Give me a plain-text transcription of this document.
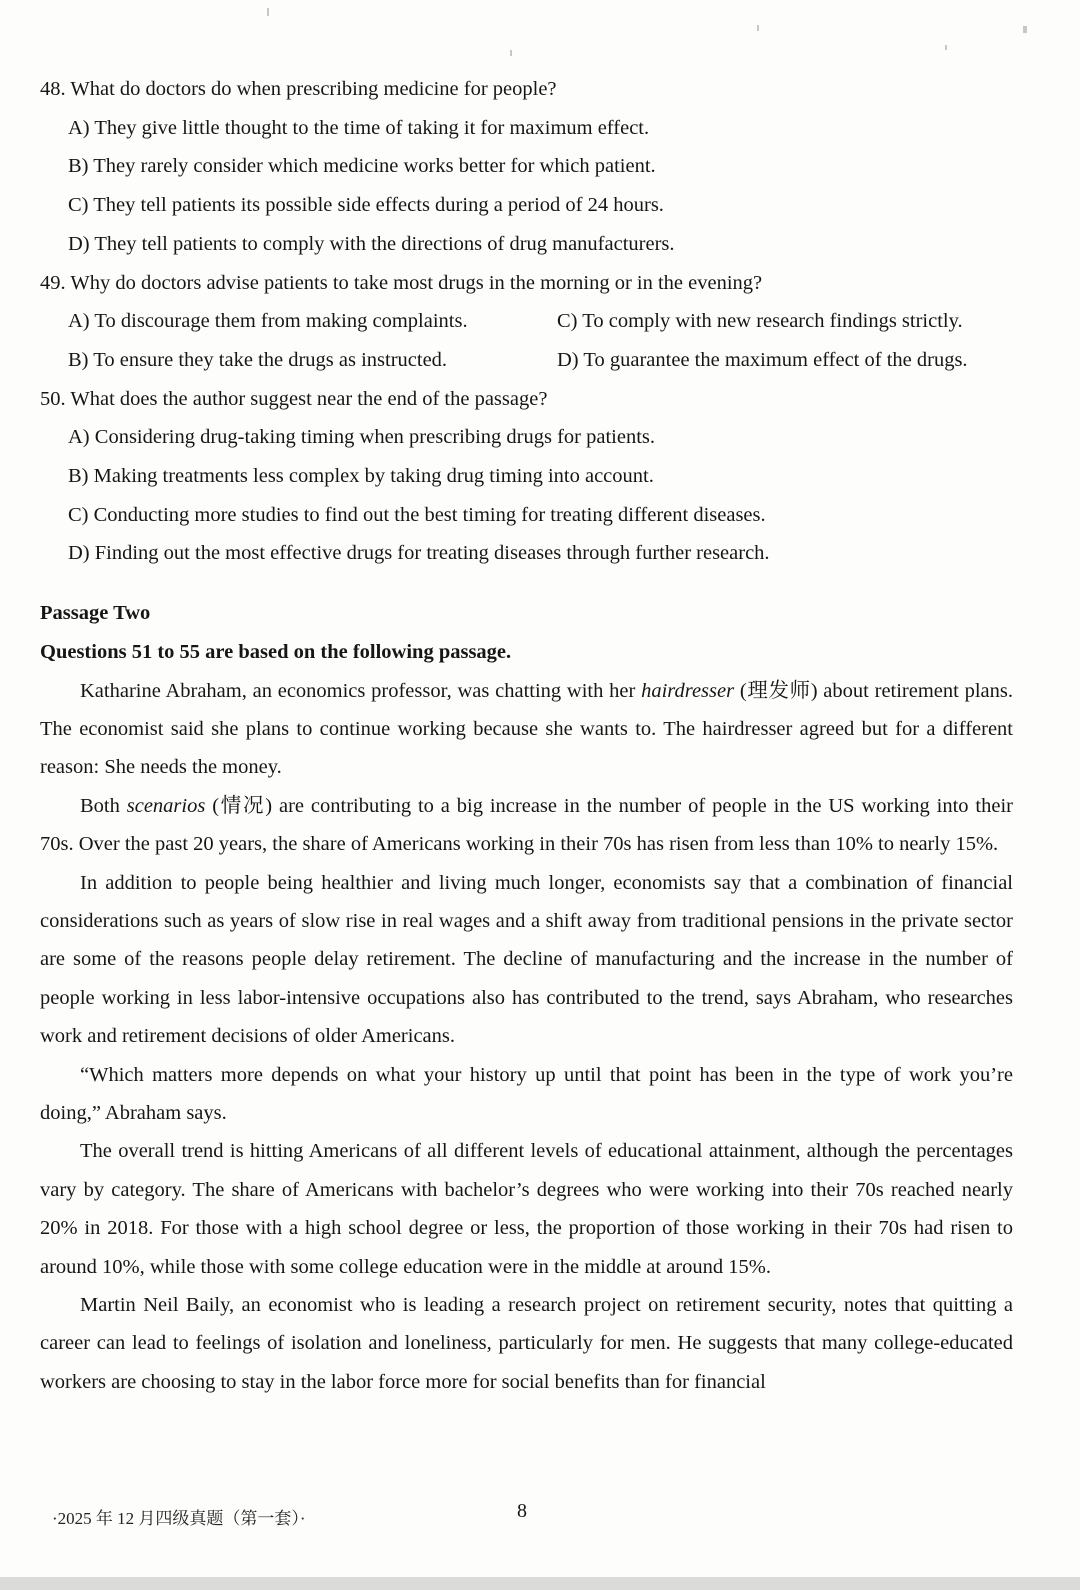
48. What do doctors do when prescribing medicine for people?
A) They give little thought to the time of taking it for maximum effect.
B) They rarely consider which medicine works better for which patient.
C) They tell patients its possible side effects during a period of 24 hours.
D) They tell patients to comply with the directions of drug manufacturers.
49. Why do doctors advise patients to take most drugs in the morning or in the evening?
A) To discourage them from making complaints.	C) To comply with new research findings strictly.
B) To ensure they take the drugs as instructed.	D) To guarantee the maximum effect of the drugs.
50. What does the author suggest near the end of the passage?
A) Considering drug-taking timing when prescribing drugs for patients.
B) Making treatments less complex by taking drug timing into account.
C) Conducting more studies to find out the best timing for treating different diseases.
D) Finding out the most effective drugs for treating diseases through further research.
Passage Two
Questions 51 to 55 are based on the following passage.

Katharine Abraham, an economics professor, was chatting with her hairdresser (理发师) about retirement plans. The economist said she plans to continue working because she wants to. The hairdresser agreed but for a different reason: She needs the money.

Both scenarios (情况) are contributing to a big increase in the number of people in the US working into their 70s. Over the past 20 years, the share of Americans working in their 70s has risen from less than 10% to nearly 15%.

In addition to people being healthier and living much longer, economists say that a combination of financial considerations such as years of slow rise in real wages and a shift away from traditional pensions in the private sector are some of the reasons people delay retirement. The decline of manufacturing and the increase in the number of people working in less labor-intensive occupations also has contributed to the trend, says Abraham, who researches work and retirement decisions of older Americans.

“Which matters more depends on what your history up until that point has been in the type of work you’re doing,” Abraham says.

The overall trend is hitting Americans of all different levels of educational attainment, although the percentages vary by category. The share of Americans with bachelor’s degrees who were working into their 70s reached nearly 20% in 2018. For those with a high school degree or less, the proportion of those working in their 70s had risen to around 10%, while those with some college education were in the middle at around 15%.

Martin Neil Baily, an economist who is leading a research project on retirement security, notes that quitting a career can lead to feelings of isolation and loneliness, particularly for men. He suggests that many college-educated workers are choosing to stay in the labor force more for social benefits than for financial

·2025 年 12 月四级真题（第一套）·	8
